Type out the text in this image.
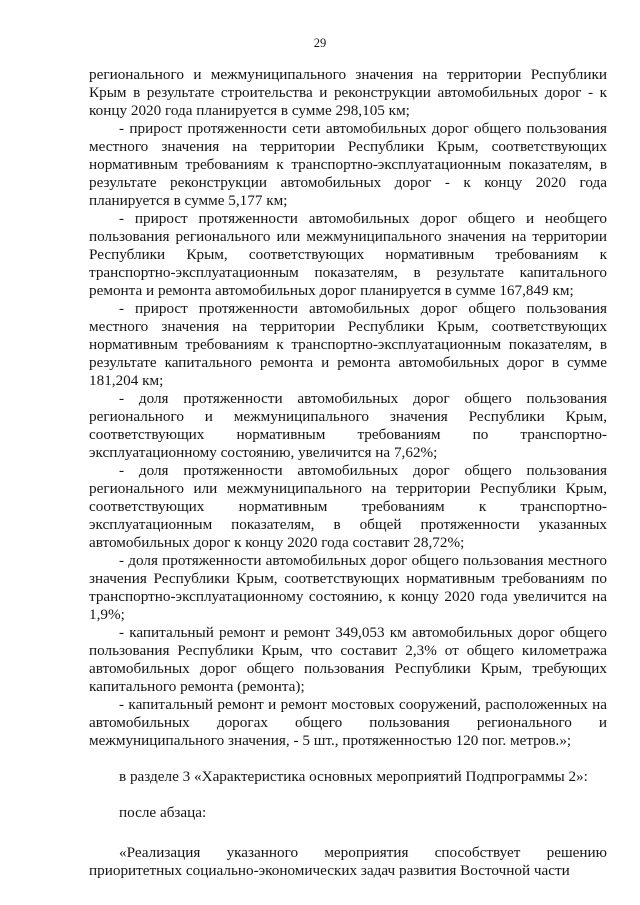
29

регионального и межмуниципального значения на территории Республики Крым в результате строительства и реконструкции автомобильных дорог - к концу 2020 года планируется в сумме 298,105 км;

- прирост протяженности сети автомобильных дорог общего пользования местного значения на территории Республики Крым, соответствующих нормативным требованиям к транспортно-эксплуатационным показателям, в результате реконструкции автомобильных дорог - к концу 2020 года планируется в сумме 5,177 км;

- прирост протяженности автомобильных дорог общего и необщего пользования регионального или межмуниципального значения на территории Республики Крым, соответствующих нормативным требованиям к транспортно-эксплуатационным показателям, в результате капитального ремонта и ремонта автомобильных дорог планируется в сумме 167,849 км;

- прирост протяженности автомобильных дорог общего пользования местного значения на территории Республики Крым, соответствующих нормативным требованиям к транспортно-эксплуатационным показателям, в результате капитального ремонта и ремонта автомобильных дорог в сумме 181,204 км;

- доля протяженности автомобильных дорог общего пользования регионального и межмуниципального значения Республики Крым, соответствующих нормативным требованиям по транспортно-эксплуатационному состоянию, увеличится на 7,62%;

- доля протяженности автомобильных дорог общего пользования регионального или межмуниципального на территории Республики Крым, соответствующих нормативным требованиям к транспортно-эксплуатационным показателям, в общей протяженности указанных автомобильных дорог к концу 2020 года составит 28,72%;

- доля протяженности автомобильных дорог общего пользования местного значения Республики Крым, соответствующих нормативным требованиям по транспортно-эксплуатационному состоянию, к концу 2020 года увеличится на 1,9%;

- капитальный ремонт и ремонт 349,053 км автомобильных дорог общего пользования Республики Крым, что составит 2,3% от общего километража автомобильных дорог общего пользования Республики Крым, требующих капитального ремонта (ремонта);

- капитальный ремонт и ремонт мостовых сооружений, расположенных на автомобильных дорогах общего пользования регионального и межмуниципального значения, - 5 шт., протяженностью 120 пог. метров.»;

в разделе 3 «Характеристика основных мероприятий Подпрограммы 2»:

после абзаца:

«Реализация указанного мероприятия способствует решению приоритетных социально-экономических задач развития Восточной части
